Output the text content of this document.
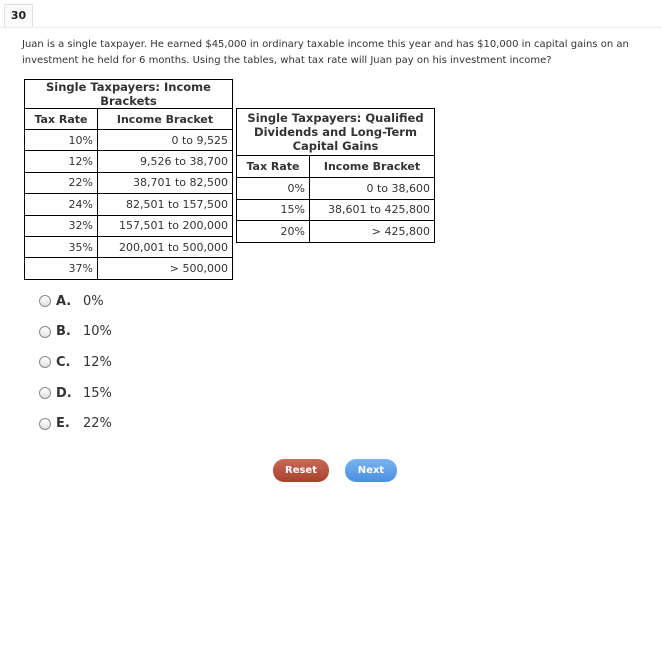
30
Juan is a single taxpayer. He earned $45,000 in ordinary taxable income this year and has $10,000 in capital gains on an investment he held for 6 months. Using the tables, what tax rate will Juan pay on his investment income?
Single Taxpayers: Income Brackets	
Tax Rate	Income Bracket
10%	0 to 9,525
12%	9,526 to 38,700
22%	38,701 to 82,500
24%	82,501 to 157,500
32%	157,501 to 200,000
35%	200,001 to 500,000
37%	> 500,000
Single Taxpayers: Qualified Dividends and Long-Term Capital Gains	
Tax Rate	Income Bracket
0%	0 to 38,600
15%	38,601 to 425,800
20%	> 425,800
A. 0%
B. 10%
C. 12%
D. 15%
E.	22%
Reset	Next
